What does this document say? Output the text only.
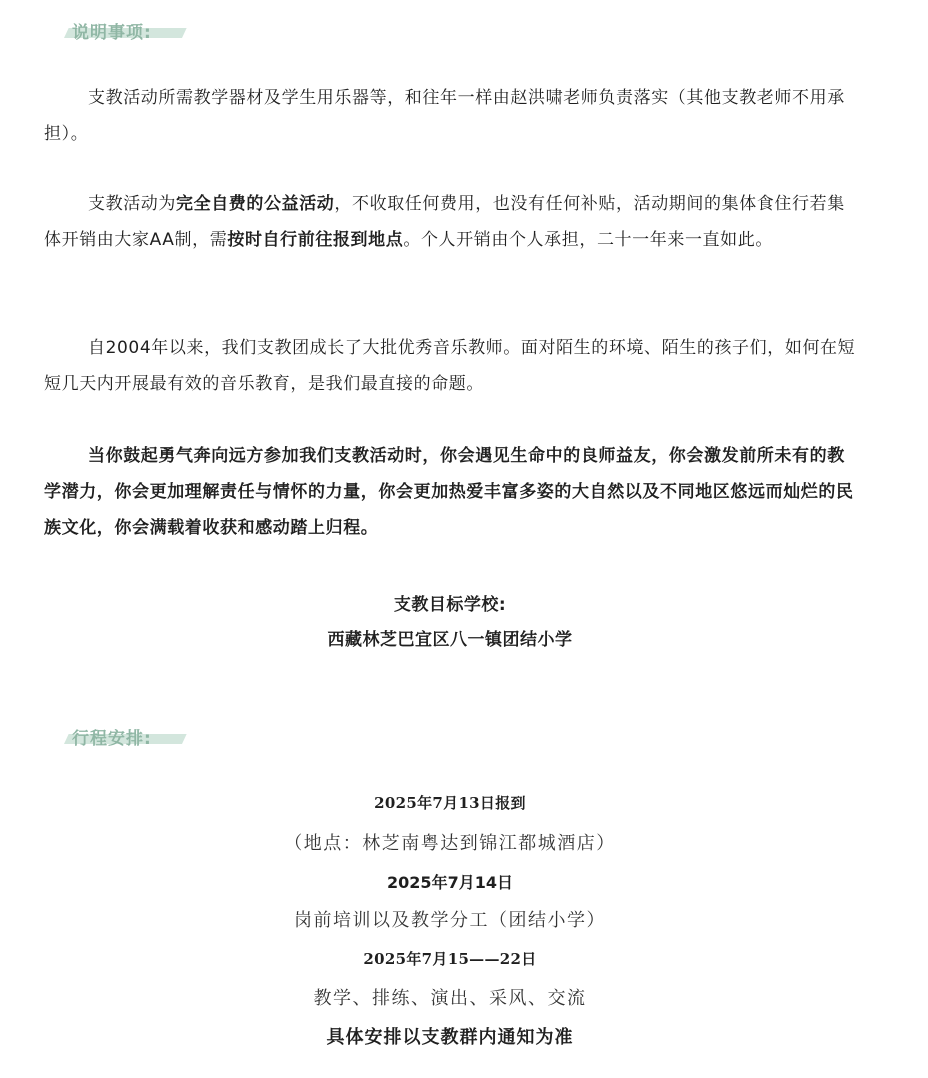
说明事项:

支教活动所需教学器材及学生用乐器等，和往年一样由赵洪啸老师负责落实（其他支教老师不用承担）。

支教活动为完全自费的公益活动，不收取任何费用，也没有任何补贴，活动期间的集体食住行若集体开销由大家AA制，需按时自行前往报到地点。个人开销由个人承担，二十一年来一直如此。

自2004年以来，我们支教团成长了大批优秀音乐教师。面对陌生的环境、陌生的孩子们，如何在短短几天内开展最有效的音乐教育，是我们最直接的命题。

当你鼓起勇气奔向远方参加我们支教活动时，你会遇见生命中的良师益友，你会激发前所未有的教学潜力，你会更加理解责任与情怀的力量，你会更加热爱丰富多姿的大自然以及不同地区悠远而灿烂的民族文化，你会满载着收获和感动踏上归程。

支教目标学校:

西藏林芝巴宜区八一镇团结小学

行程安排:

2025年7月13日报到

（地点：林芝南粤达到锦江都城酒店）

2025年7月14日

岗前培训以及教学分工（团结小学）

2025年7月15——22日

教学、排练、演出、采风、交流

具体安排以支教群内通知为准
